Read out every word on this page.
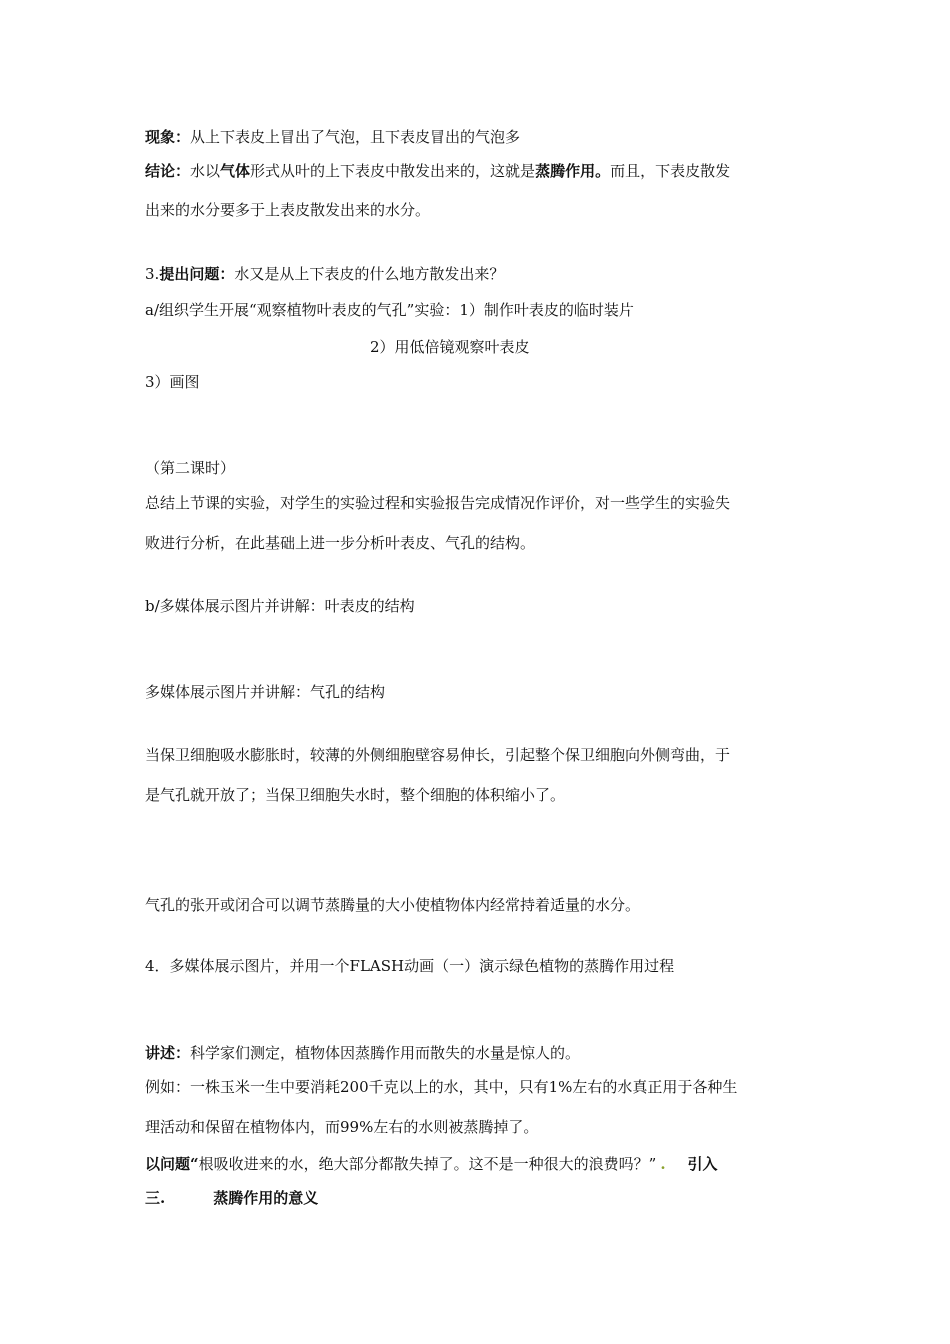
现象：从上下表皮上冒出了气泡，且下表皮冒出的气泡多
结论：水以气体形式从叶的上下表皮中散发出来的，这就是蒸腾作用。而且，下表皮散发
出来的水分要多于上表皮散发出来的水分。
3.提出问题：水又是从上下表皮的什么地方散发出来？
a/组织学生开展“观察植物叶表皮的气孔”实验：1）制作叶表皮的临时装片
2）用低倍镜观察叶表皮
3）画图
（第二课时）
总结上节课的实验，对学生的实验过程和实验报告完成情况作评价，对一些学生的实验失
败进行分析，在此基础上进一步分析叶表皮、气孔的结构。
b/多媒体展示图片并讲解：叶表皮的结构
多媒体展示图片并讲解：气孔的结构
当保卫细胞吸水膨胀时，较薄的外侧细胞壁容易伸长，引起整个保卫细胞向外侧弯曲，于
是气孔就开放了；当保卫细胞失水时，整个细胞的体积缩小了。
气孔的张开或闭合可以调节蒸腾量的大小使植物体内经常持着适量的水分。
4．多媒体展示图片，并用一个FLASH动画（一）演示绿色植物的蒸腾作用过程
讲述：科学家们测定，植物体因蒸腾作用而散失的水量是惊人的。
例如：一株玉米一生中要消耗200千克以上的水，其中，只有1%左右的水真正用于各种生
理活动和保留在植物体内，而99%左右的水则被蒸腾掉了。
以问题“根吸收进来的水，绝大部分都散失掉了。这不是一种很大的浪费吗？” . 引入
三.	蒸腾作用的意义
